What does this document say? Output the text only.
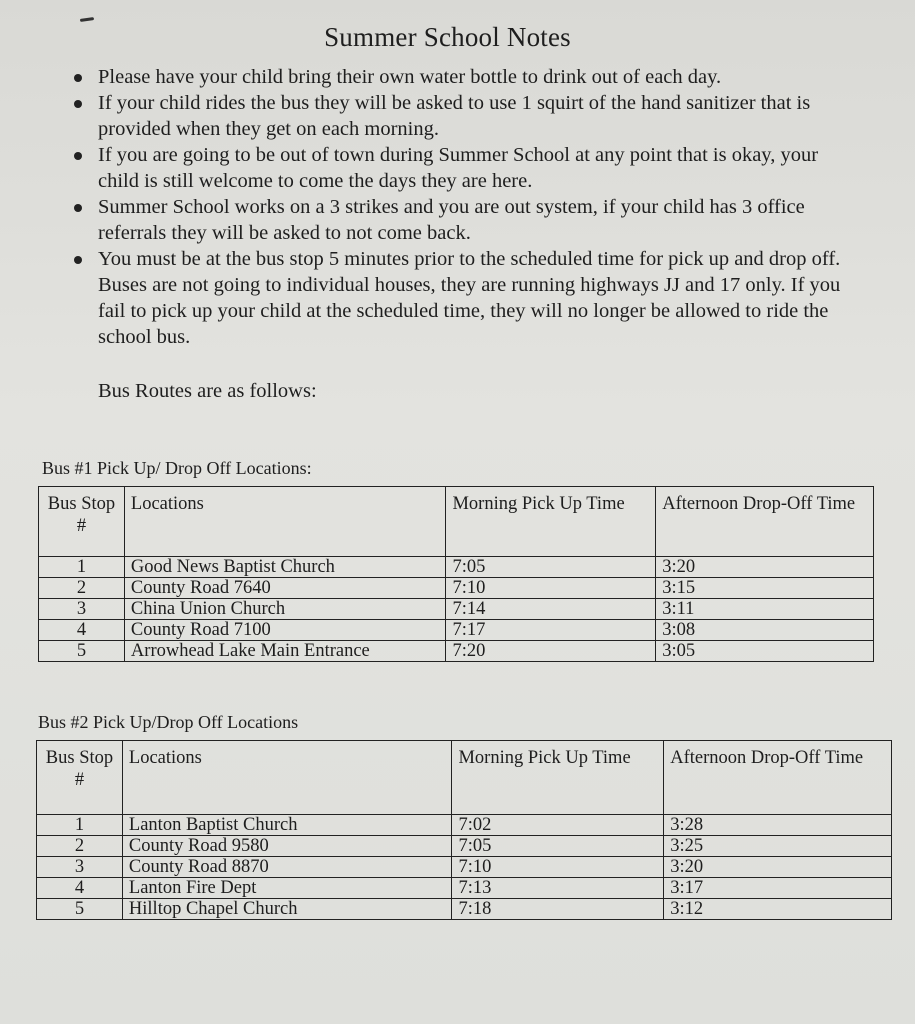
Summer School Notes
Please have your child bring their own water bottle to drink out of each day.
If your child rides the bus they will be asked to use 1 squirt of the hand sanitizer that is provided when they get on each morning.
If you are going to be out of town during Summer School at any point that is okay, your child is still welcome to come the days they are here.
Summer School works on a 3 strikes and you are out system, if your child has 3 office referrals they will be asked to not come back.
You must be at the bus stop 5 minutes prior to the scheduled time for pick up and drop off. Buses are not going to individual houses, they are running highways JJ and 17 only. If you fail to pick up your child at the scheduled time, they will no longer be allowed to ride the school bus.
Bus Routes are as follows:
Bus #1 Pick Up/ Drop Off Locations:
Bus Stop #	Locations	Morning Pick Up Time	Afternoon Drop-Off Time
1	Good News Baptist Church	7:05	3:20
2	County Road 7640	7:10	3:15
3	China Union Church	7:14	3:11
4	County Road 7100	7:17	3:08
5	Arrowhead Lake Main Entrance	7:20	3:05
Bus #2 Pick Up/Drop Off Locations
Bus Stop #	Locations	Morning Pick Up Time	Afternoon Drop-Off Time
1	Lanton Baptist Church	7:02	3:28
2	County Road 9580	7:05	3:25
3	County Road 8870	7:10	3:20
4	Lanton Fire Dept	7:13	3:17
5	Hilltop Chapel Church	7:18	3:12
